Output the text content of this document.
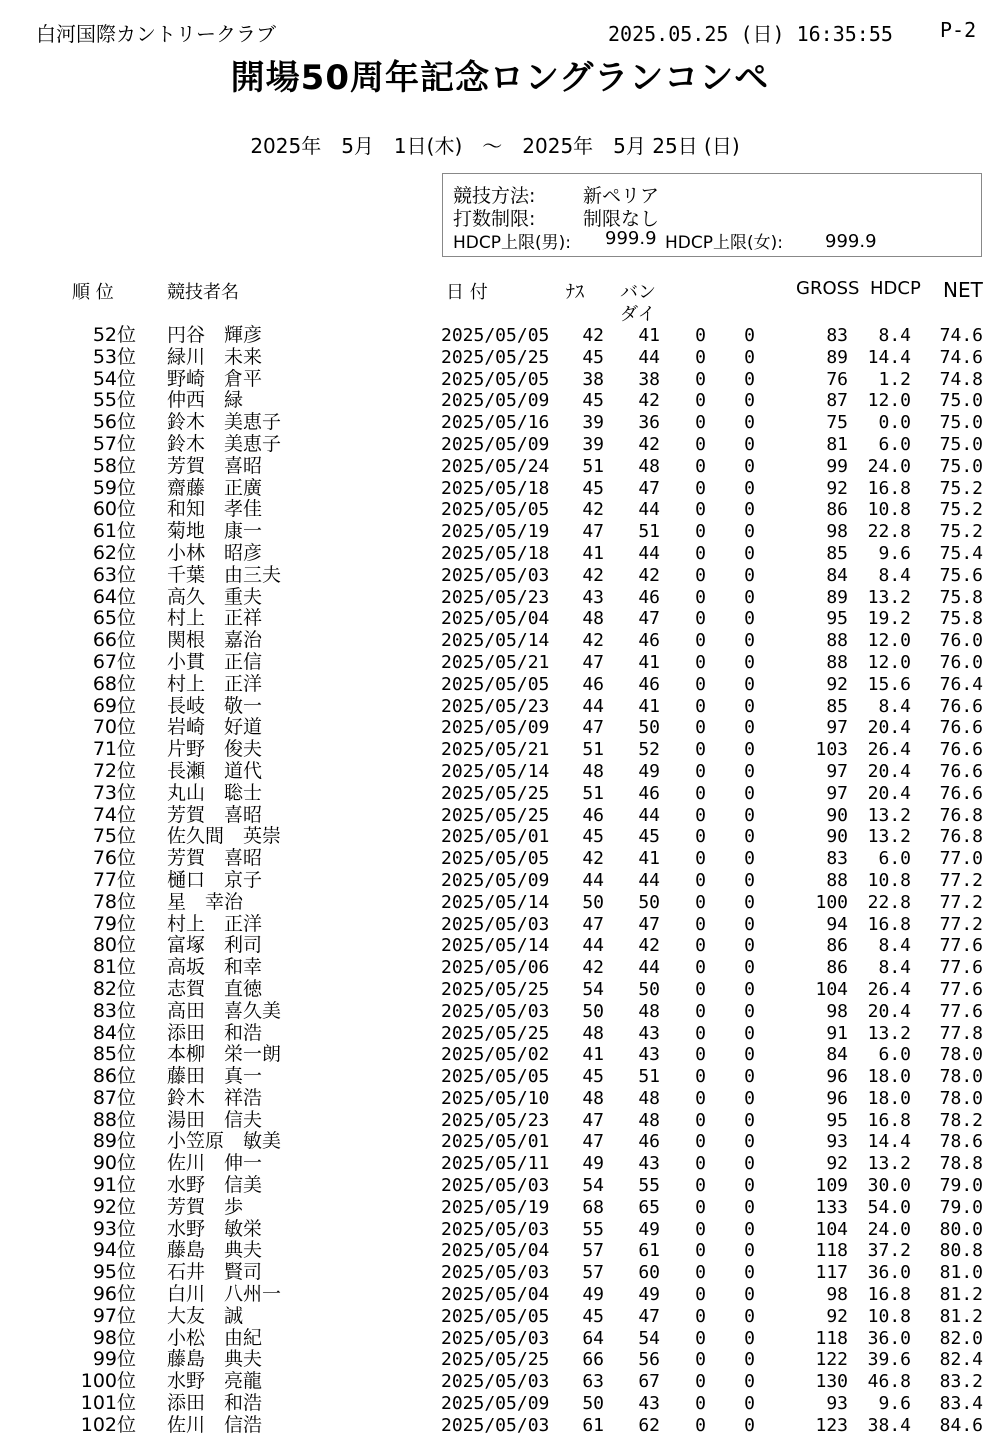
白河国際カントリークラブ	2025.05.25 (日) 16:35:55 P-2
開場50周年記念ロングランコンペ
2025年　5月　1日(木)　～　2025年　5月 25日 (日)
競技方法:	新ペリア
打数制限:	制限なし
HDCP上限(男): 999.9 HDCP上限(女): 999.9
順 位	競技者名	日 付	ﾅｽ バン
ダイ
GROSS HDCP NET
52位 円谷　輝彦	2025/05/05 42 41 0 0	83 8.4 74.6
53位 緑川　未来	2025/05/25 45 44 0 0	89 14.4 74.6
54位 野崎　倉平	2025/05/05 38 38 0 0	76 1.2 74.8
55位 仲西　緑	2025/05/09 45 42 0 0	87 12.0 75.0
56位 鈴木　美恵子	2025/05/16 39 36 0 0	75 0.0 75.0
57位 鈴木　美恵子	2025/05/09 39 42 0 0	81 6.0 75.0
58位 芳賀　喜昭	2025/05/24 51 48 0 0	99 24.0 75.0
59位 齋藤　正廣	2025/05/18 45 47 0 0	92 16.8 75.2
60位 和知　孝佳	2025/05/05 42 44 0 0	86 10.8 75.2
61位 菊地　康一	2025/05/19 47 51 0 0	98 22.8 75.2
62位 小林　昭彦	2025/05/18 41 44 0 0	85 9.6 75.4
63位 千葉　由三夫	2025/05/03 42 42 0 0	84 8.4 75.6
64位 高久　重夫	2025/05/23 43 46 0 0	89 13.2 75.8
65位 村上　正祥	2025/05/04 48 47 0 0	95 19.2 75.8
66位 関根　嘉治	2025/05/14 42 46 0 0	88 12.0 76.0
67位 小貫　正信	2025/05/21 47 41 0 0	88 12.0 76.0
68位 村上　正洋	2025/05/05 46 46 0 0	92 15.6 76.4
69位 長岐　敬一	2025/05/23 44 41 0 0	85 8.4 76.6
70位 岩崎　好道	2025/05/09 47 50 0 0	97 20.4 76.6
71位 片野　俊夫	2025/05/21 51 52 0 0	103 26.4 76.6
72位 長瀬　道代	2025/05/14 48 49 0 0	97 20.4 76.6
73位 丸山　聡士	2025/05/25 51 46 0 0	97 20.4 76.6
74位 芳賀　喜昭	2025/05/25 46 44 0 0	90 13.2 76.8
75位 佐久間　英崇	2025/05/01 45 45 0 0	90 13.2 76.8
76位 芳賀　喜昭	2025/05/05 42 41 0 0	83 6.0 77.0
77位 樋口　京子	2025/05/09 44 44 0 0	88 10.8 77.2
78位 星　幸治	2025/05/14 50 50 0 0	100 22.8 77.2
79位 村上　正洋	2025/05/03 47 47 0 0	94 16.8 77.2
80位 富塚　利司	2025/05/14 44 42 0 0	86 8.4 77.6
81位 高坂　和幸	2025/05/06 42 44 0 0	86 8.4 77.6
82位 志賀　直徳	2025/05/25 54 50 0 0	104 26.4 77.6
83位 高田　喜久美	2025/05/03 50 48 0 0	98 20.4 77.6
84位 添田　和浩	2025/05/25 48 43 0 0	91 13.2 77.8
85位 本柳　栄一朗	2025/05/02 41 43 0 0	84 6.0 78.0
86位 藤田　真一	2025/05/05 45 51 0 0	96 18.0 78.0
87位 鈴木　祥浩	2025/05/10 48 48 0 0	96 18.0 78.0
88位 湯田　信夫	2025/05/23 47 48 0 0	95 16.8 78.2
89位 小笠原　敏美	2025/05/01 47 46 0 0	93 14.4 78.6
90位 佐川　伸一	2025/05/11 49 43 0 0	92 13.2 78.8
91位 水野　信美	2025/05/03 54 55 0 0	109 30.0 79.0
92位 芳賀　歩	2025/05/19 68 65 0 0	133 54.0 79.0
93位 水野　敏栄	2025/05/03 55 49 0 0	104 24.0 80.0
94位 藤島　典夫	2025/05/04 57 61 0 0	118 37.2 80.8
95位 石井　賢司	2025/05/03 57 60 0 0	117 36.0 81.0
96位 白川　八州一	2025/05/04 49 49 0 0	98 16.8 81.2
97位 大友　誠	2025/05/05 45 47 0 0	92 10.8 81.2
98位 小松　由紀	2025/05/03 64 54 0 0	118 36.0 82.0
99位 藤島　典夫	2025/05/25 66 56 0 0	122 39.6 82.4
100位 水野　亮龍	2025/05/03 63 67 0 0	130 46.8 83.2
101位 添田　和浩	2025/05/09 50 43 0 0	93 9.6 83.4
102位 佐川　信浩	2025/05/03 61 62 0 0	123 38.4 84.6
